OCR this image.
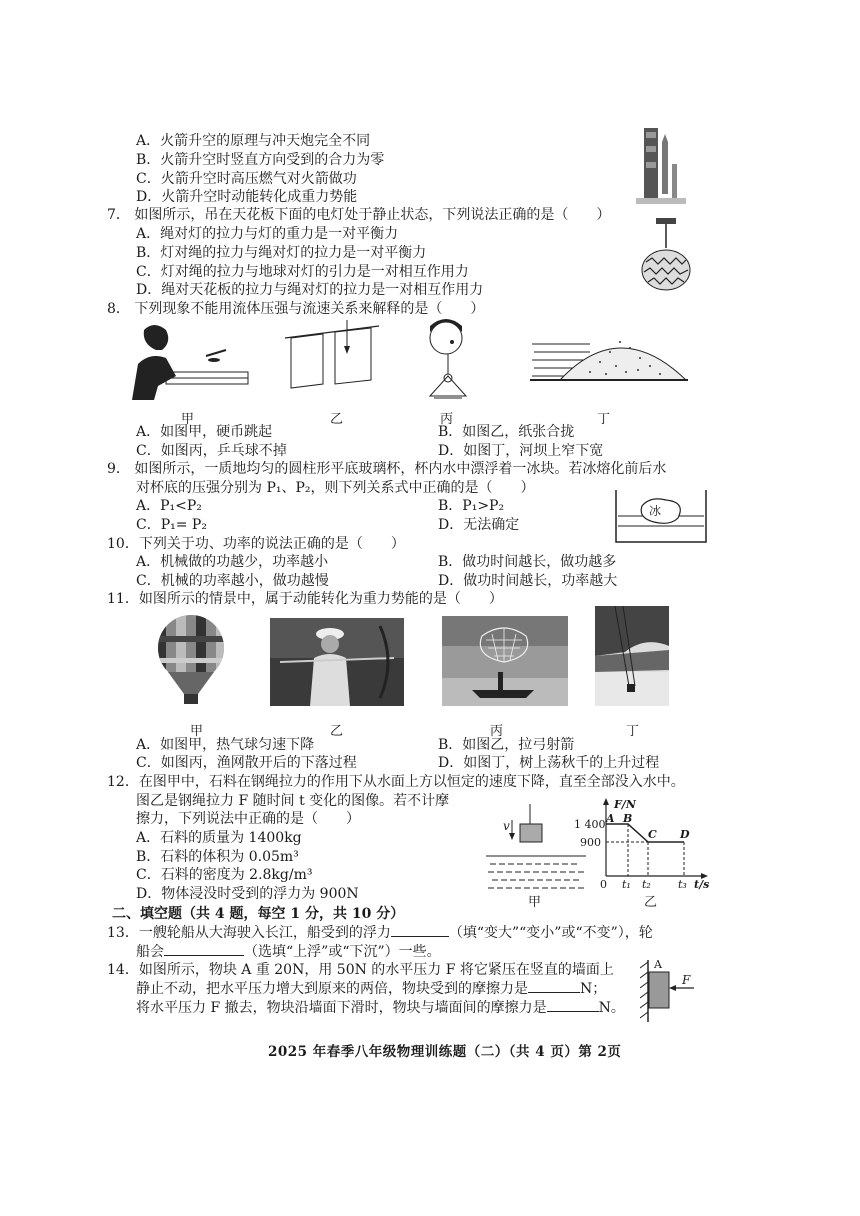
A．火箭升空的原理与冲天炮完全不同
B．火箭升空时竖直方向受到的合力为零
C．火箭升空时高压燃气对火箭做功
D．火箭升空时动能转化成重力势能
7． 如图所示，吊在天花板下面的电灯处于静止状态，下列说法正确的是（　　）
A．绳对灯的拉力与灯的重力是一对平衡力
B．灯对绳的拉力与绳对灯的拉力是一对平衡力
C．灯对绳的拉力与地球对灯的引力是一对相互作用力
D．绳对天花板的拉力与绳对灯的拉力是一对相互作用力
8． 下列现象不能用流体压强与流速关系来解释的是（　　）
甲	乙	丙	丁
A．如图甲，硬币跳起	B．如图乙，纸张合拢
C．如图丙，乒乓球不掉	D．如图丁，河坝上窄下宽
9． 如图所示，一质地均匀的圆柱形平底玻璃杯，杯内水中漂浮着一冰块。若冰熔化前后水
对杯底的压强分别为 P₁、P₂，则下列关系式中正确的是（　　）
A．P₁<P₂	B．P₁>P₂
C．P₁= P₂	D．无法确定
冰
10．下列关于功、功率的说法正确的是（　　）
A．机械做的功越少，功率越小	B．做功时间越长，做功越多
C．机械的功率越小，做功越慢	D．做功时间越长，功率越大
11．如图所示的情景中，属于动能转化为重力势能的是（　　）
甲	乙	丙	丁
A．如图甲，热气球匀速下降	B．如图乙，拉弓射箭
C．如图丙，渔网散开后的下落过程	D．如图丁，树上荡秋千的上升过程
12．在图甲中，石料在钢绳拉力的作用下从水面上方以恒定的速度下降，直至全部没入水中。
图乙是钢绳拉力 F 随时间 t 变化的图像。若不计摩
擦力，下列说法中正确的是（　　）
A．石料的质量为 1400kg
B．石料的体积为 0.05m³
C．石料的密度为 2.8kg/m³
D．物体浸没时受到的浮力为 900N
v
甲
F/N
1 400
900
A B
C D
0 t₁ t₂ t₃ t/s
乙
二、填空题（共 4 题，每空 1 分，共 10 分）
13．一艘轮船从大海驶入长江，船受到的浮力	（填“变大”“变小”或“不变”），轮
船会	（选填“上浮”或“下沉”）一些。
14．如图所示，物块 A 重 20N，用 50N 的水平压力 F 将它紧压在竖直的墙面上
静止不动，把水平压力增大到原来的两倍，物块受到的摩擦力是	N；
将水平压力 F 撤去，物块沿墙面下滑时，物块与墙面间的摩擦力是	N。
A
F
2025 年春季八年级物理训练题（二）（共 4 页）第 2页
